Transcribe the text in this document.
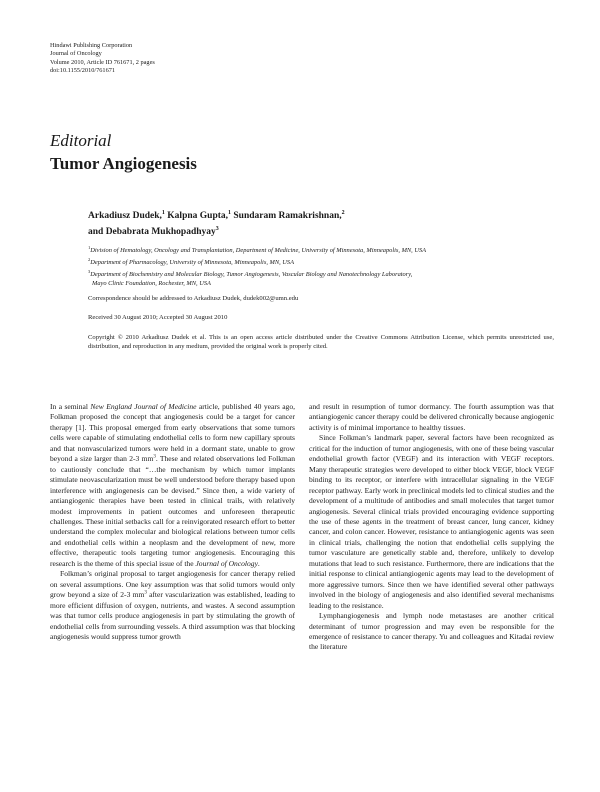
Hindawi Publishing Corporation
Journal of Oncology
Volume 2010, Article ID 761671, 2 pages
doi:10.1155/2010/761671
Editorial
Tumor Angiogenesis
Arkadiusz Dudek,$^1$ Kalpna Gupta,$^1$ Sundaram Ramakrishnan,$^2$
and Debabrata Mukhopadhyay$^3$
$^1$Division of Hematology, Oncology and Transplantation, Department of Medicine, University of Minnesota, Minneapolis, MN, USA
$^2$Department of Pharmacology, University of Minnesota, Minneapolis, MN, USA
$^3$Department of Biochemistry and Molecular Biology, Tumor Angiogenesis, Vascular Biology and Nanotechnology Laboratory,
Mayo Clinic Foundation, Rochester, MN, USA
Correspondence should be addressed to Arkadiusz Dudek, dudek002@umn.edu
Received 30 August 2010; Accepted 30 August 2010
Copyright © 2010 Arkadiusz Dudek et al. This is an open access article distributed under the Creative Commons Attribution License, which permits unrestricted use, distribution, and reproduction in any medium, provided the original work is properly cited.

In a seminal New England Journal of Medicine article, published 40 years ago, Folkman proposed the concept that angiogenesis could be a target for cancer therapy [1]. This proposal emerged from early observations that some tumors cells were capable of stimulating endothelial cells to form new capillary sprouts and that nonvascularized tumors were held in a dormant state, unable to grow beyond a size larger than 2-3 $mm^3$. These and related observations led Folkman to cautiously conclude that “…the mechanism by which tumor implants stimulate neovascularization must be well understood before therapy based upon interference with angiogenesis can be devised.” Since then, a wide variety of antiangiogenic therapies have been tested in clinical trails, with relatively modest improvements in patient outcomes and unforeseen therapeutic challenges. These initial setbacks call for a reinvigorated research effort to better understand the complex molecular and biological relations between tumor cells and endothelial cells within a neoplasm and the development of new, more effective, therapeutic tools targeting tumor angiogenesis. Encouraging this research is the theme of this special issue of the Journal of Oncology.

Folkman’s original proposal to target angiogenesis for cancer therapy relied on several assumptions. One key assumption was that solid tumors would only grow beyond a size of 2-3 $mm^3$ after vascularization was established, leading to more efficient diffusion of oxygen, nutrients, and wastes. A second assumption was that tumor cells produce angiogenesis in part by stimulating the growth of endothelial cells from surrounding vessels. A third assumption was that blocking angiogenesis would suppress tumor growth

and result in resumption of tumor dormancy. The fourth assumption was that antiangiogenic cancer therapy could be delivered chronically because angiogenic activity is of minimal importance to healthy tissues.

Since Folkman’s landmark paper, several factors have been recognized as critical for the induction of tumor angiogenesis, with one of these being vascular endothelial growth factor (VEGF) and its interaction with VEGF receptors. Many therapeutic strategies were developed to either block VEGF, block VEGF binding to its receptor, or interfere with intracellular signaling in the VEGF receptor pathway. Early work in preclinical models led to clinical studies and the development of a multitude of antibodies and small molecules that target tumor angiogenesis. Several clinical trials provided encouraging evidence supporting the use of these agents in the treatment of breast cancer, lung cancer, kidney cancer, and colon cancer. However, resistance to antiangiogenic agents was seen in clinical trials, challenging the notion that endothelial cells supplying the tumor vasculature are genetically stable and, therefore, unlikely to develop mutations that lead to such resistance. Furthermore, there are indications that the initial response to clinical antiangiogenic agents may lead to the development of more aggressive tumors. Since then we have identified several other pathways involved in the biology of angiogenesis and also identified several mechanisms leading to the resistance.

Lymphangiogenesis and lymph node metastases are another critical determinant of tumor progression and may even be responsible for the emergence of resistance to cancer therapy. Yu and colleagues and Kitadai review the literature
